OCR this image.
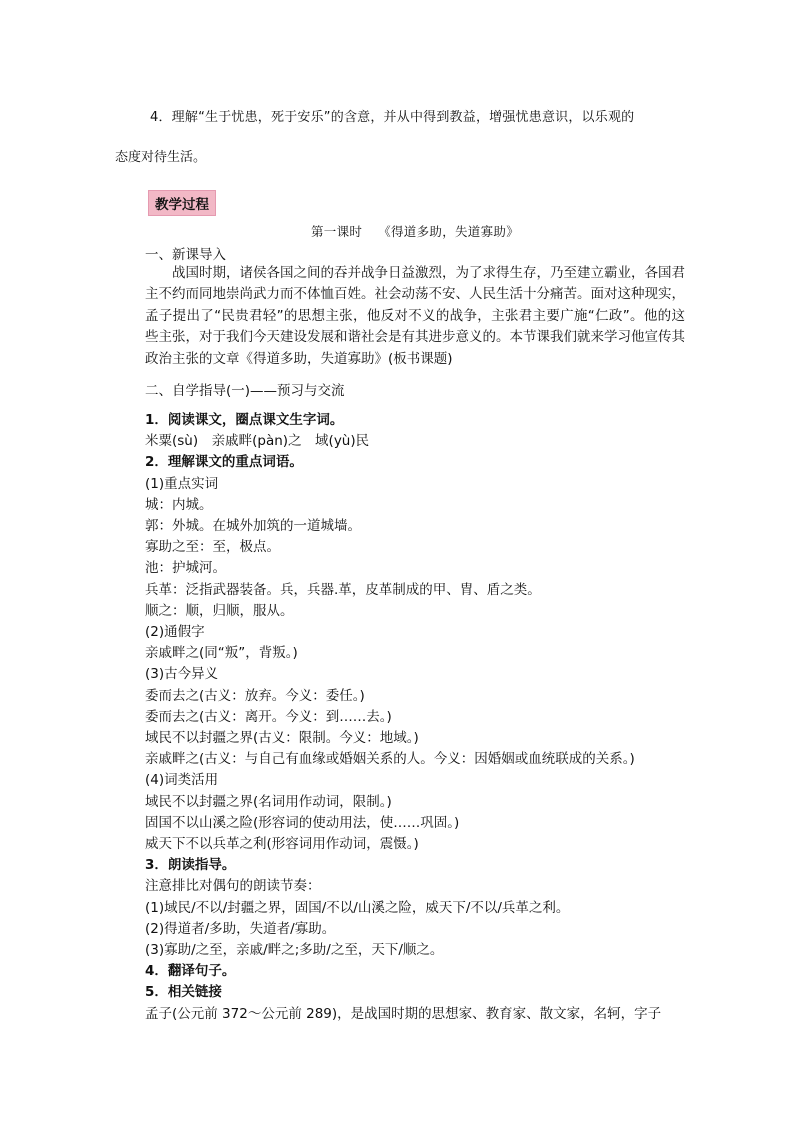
4．理解“生于忧患，死于安乐”的含意，并从中得到教益，增强忧患意识，以乐观的

态度对待生活。

教学过程
第一课时 《得道多助，失道寡助》
一、新课导入

战国时期，诸侯各国之间的吞并战争日益激烈，为了求得生存，乃至建立霸业，各国君主不约而同地崇尚武力而不体恤百姓。社会动荡不安、人民生活十分痛苦。面对这种现实，孟子提出了“民贵君轻”的思想主张，他反对不义的战争，主张君主要广施“仁政”。他的这些主张，对于我们今天建设发展和谐社会是有其进步意义的。本节课我们就来学习他宣传其政治主张的文章《得道多助，失道寡助》(板书课题)

二、自学指导(一)——预习与交流
1．阅读课文，圈点课文生字词。
米粟(sù)　亲戚畔(pàn)之　域(yù)民
2．理解课文的重点词语。
(1)重点实词
城：内城。
郭：外城。在城外加筑的一道城墙。
寡助之至：至，极点。
池：护城河。
兵革：泛指武器装备。兵，兵器.革，皮革制成的甲、胄、盾之类。
顺之：顺，归顺，服从。
(2)通假字
亲戚畔之(同“叛”，背叛。)
(3)古今异义
委而去之(古义：放弃。今义：委任。)
委而去之(古义：离开。今义：到……去。)
域民不以封疆之界(古义：限制。今义：地域。)
亲戚畔之(古义：与自己有血缘或婚姻关系的人。今义：因婚姻或血统联成的关系。)
(4)词类活用
域民不以封疆之界(名词用作动词，限制。)
固国不以山溪之险(形容词的使动用法，使……巩固。)
威天下不以兵革之利(形容词用作动词，震慑。)
3．朗读指导。
注意排比对偶句的朗读节奏：
(1)域民/不以/封疆之界，固国/不以/山溪之险，威天下/不以/兵革之利。
(2)得道者/多助，失道者/寡助。
(3)寡助/之至，亲戚/畔之;多助/之至，天下/顺之。
4．翻译句子。
5．相关链接
孟子(公元前 372～公元前 289)，是战国时期的思想家、教育家、散文家，名轲，字子
